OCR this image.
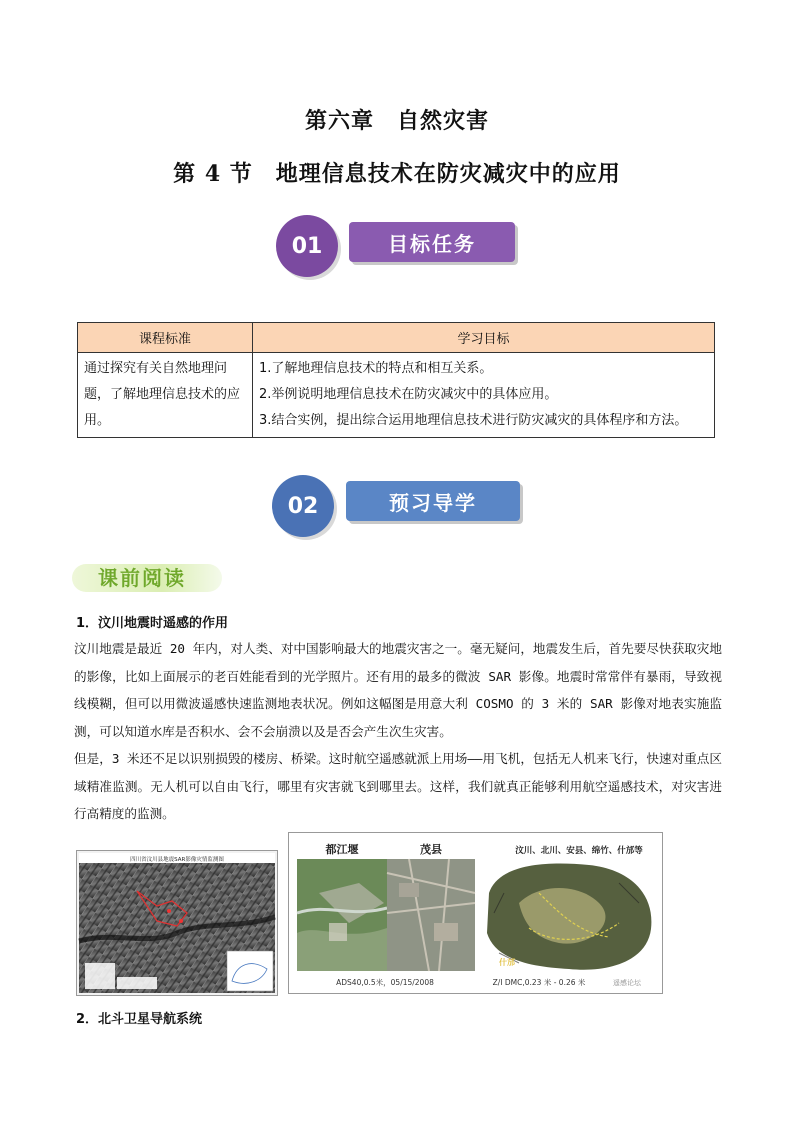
第六章　自然灾害
第 4 节　地理信息技术在防灾减灾中的应用
01	目标任务
课程标准	学习目标
通过探究有关自然地理问题，了解地理信息技术的应用。	1.了解地理信息技术的特点和相互关系。
2.举例说明地理信息技术在防灾减灾中的具体应用。
3.结合实例，提出综合运用地理信息技术进行防灾减灾的具体程序和方法。
02	预习导学
课前阅读
1．汶川地震时遥感的作用

汶川地震是最近 20 年内，对人类、对中国影响最大的地震灾害之一。毫无疑问，地震发生后，首先要尽快获取灾地的影像，比如上面展示的老百姓能看到的光学照片。还有用的最多的微波 SAR 影像。地震时常常伴有暴雨，导致视线模糊，但可以用微波遥感快速监测地表状况。例如这幅图是用意大利 COSMO 的 3 米的 SAR 影像对地表实施监测，可以知道水库是否积水、会不会崩溃以及是否会产生次生灾害。

但是，3 米还不足以识别损毁的楼房、桥梁。这时航空遥感就派上用场——用飞机，包括无人机来飞行，快速对重点区域精准监测。无人机可以自由飞行，哪里有灾害就飞到哪里去。这样，我们就真正能够利用航空遥感技术，对灾害进行高精度的监测。

四川省汶川县地震SAR影像灾情监测图
都江堰	茂县
什邡
汶川、北川、安县、绵竹、什邡等
ADS40,0.5米，05/15/2008	Z/I DMC,0.23 米 - 0.26 米	遥感论坛
2．北斗卫星导航系统
